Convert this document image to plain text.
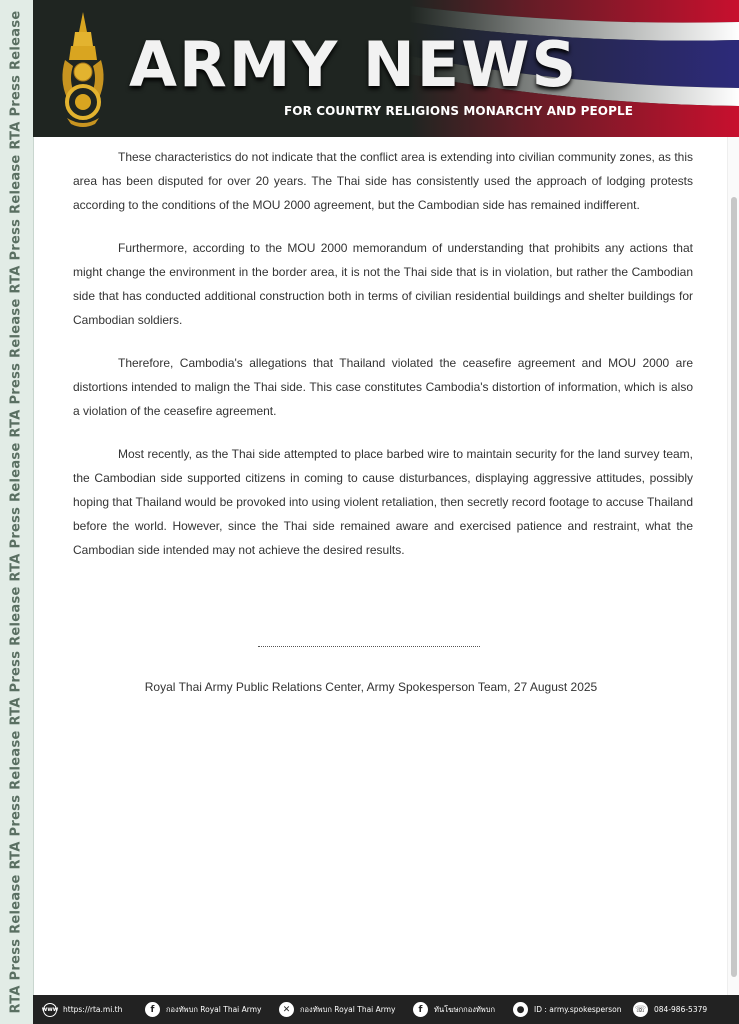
RTA Press Release RTA Press Release RTA Press Release RTA Press Release RTA Press Release RTA Press Release RTA Press Release ARMY NEWS
FOR COUNTRY RELIGIONS MONARCHY AND PEOPLE

These characteristics do not indicate that the conflict area is extending into civilian community zones, as this area has been disputed for over 20 years. The Thai side has consistently used the approach of lodging protests according to the conditions of the MOU 2000 agreement, but the Cambodian side has remained indifferent.

Furthermore, according to the MOU 2000 memorandum of understanding that prohibits any actions that might change the environment in the border area, it is not the Thai side that is in violation, but rather the Cambodian side that has conducted additional construction both in terms of civilian residential buildings and shelter buildings for Cambodian soldiers.

Therefore, Cambodia's allegations that Thailand violated the ceasefire agreement and MOU 2000 are distortions intended to malign the Thai side. This case constitutes Cambodia's distortion of information, which is also a violation of the ceasefire agreement.

Most recently, as the Thai side attempted to place barbed wire to maintain security for the land survey team, the Cambodian side supported citizens in coming to cause disturbances, displaying aggressive attitudes, possibly hoping that Thailand would be provoked into using violent retaliation, then secretly record footage to accuse Thailand before the world. However, since the Thai side remained aware and exercised patience and restraint, what the Cambodian side intended may not achieve the desired results.

Royal Thai Army Public Relations Center, Army Spokesperson Team, 27 August 2025
www https://rta.mi.th	f	กองทัพบก Royal Thai Army	✕	กองทัพบก Royal Thai Army	f	ทันโฆษกกองทัพบก	●	ID : army.spokesperson ☏ 084-986-5379
